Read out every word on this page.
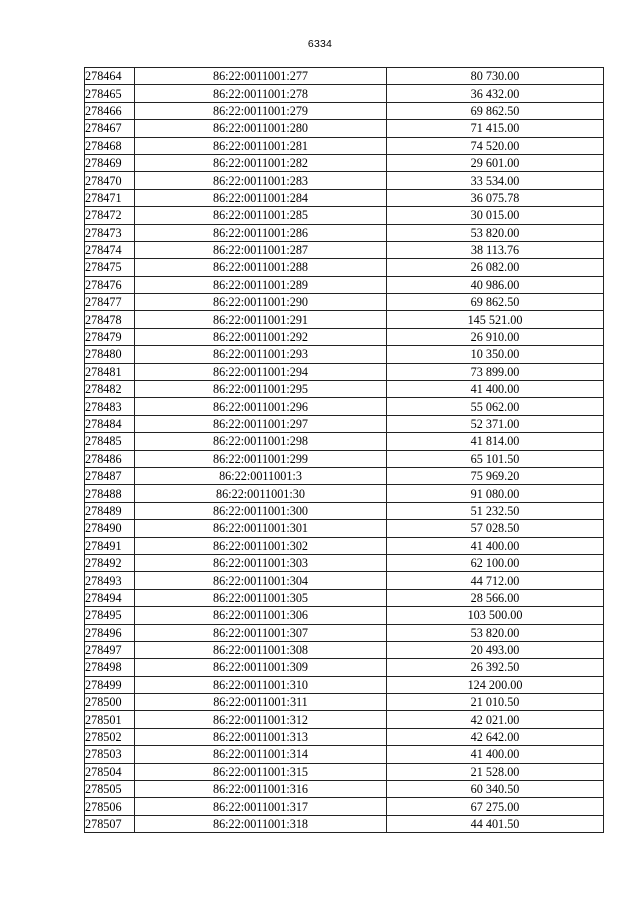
6334
278464	86:22:0011001:277	80 730.00
278465	86:22:0011001:278	36 432.00
278466	86:22:0011001:279	69 862.50
278467	86:22:0011001:280	71 415.00
278468	86:22:0011001:281	74 520.00
278469	86:22:0011001:282	29 601.00
278470	86:22:0011001:283	33 534.00
278471	86:22:0011001:284	36 075.78
278472	86:22:0011001:285	30 015.00
278473	86:22:0011001:286	53 820.00
278474	86:22:0011001:287	38 113.76
278475	86:22:0011001:288	26 082.00
278476	86:22:0011001:289	40 986.00
278477	86:22:0011001:290	69 862.50
278478	86:22:0011001:291	145 521.00
278479	86:22:0011001:292	26 910.00
278480	86:22:0011001:293	10 350.00
278481	86:22:0011001:294	73 899.00
278482	86:22:0011001:295	41 400.00
278483	86:22:0011001:296	55 062.00
278484	86:22:0011001:297	52 371.00
278485	86:22:0011001:298	41 814.00
278486	86:22:0011001:299	65 101.50
278487	86:22:0011001:3	75 969.20
278488	86:22:0011001:30	91 080.00
278489	86:22:0011001:300	51 232.50
278490	86:22:0011001:301	57 028.50
278491	86:22:0011001:302	41 400.00
278492	86:22:0011001:303	62 100.00
278493	86:22:0011001:304	44 712.00
278494	86:22:0011001:305	28 566.00
278495	86:22:0011001:306	103 500.00
278496	86:22:0011001:307	53 820.00
278497	86:22:0011001:308	20 493.00
278498	86:22:0011001:309	26 392.50
278499	86:22:0011001:310	124 200.00
278500	86:22:0011001:311	21 010.50
278501	86:22:0011001:312	42 021.00
278502	86:22:0011001:313	42 642.00
278503	86:22:0011001:314	41 400.00
278504	86:22:0011001:315	21 528.00
278505	86:22:0011001:316	60 340.50
278506	86:22:0011001:317	67 275.00
278507	86:22:0011001:318	44 401.50
